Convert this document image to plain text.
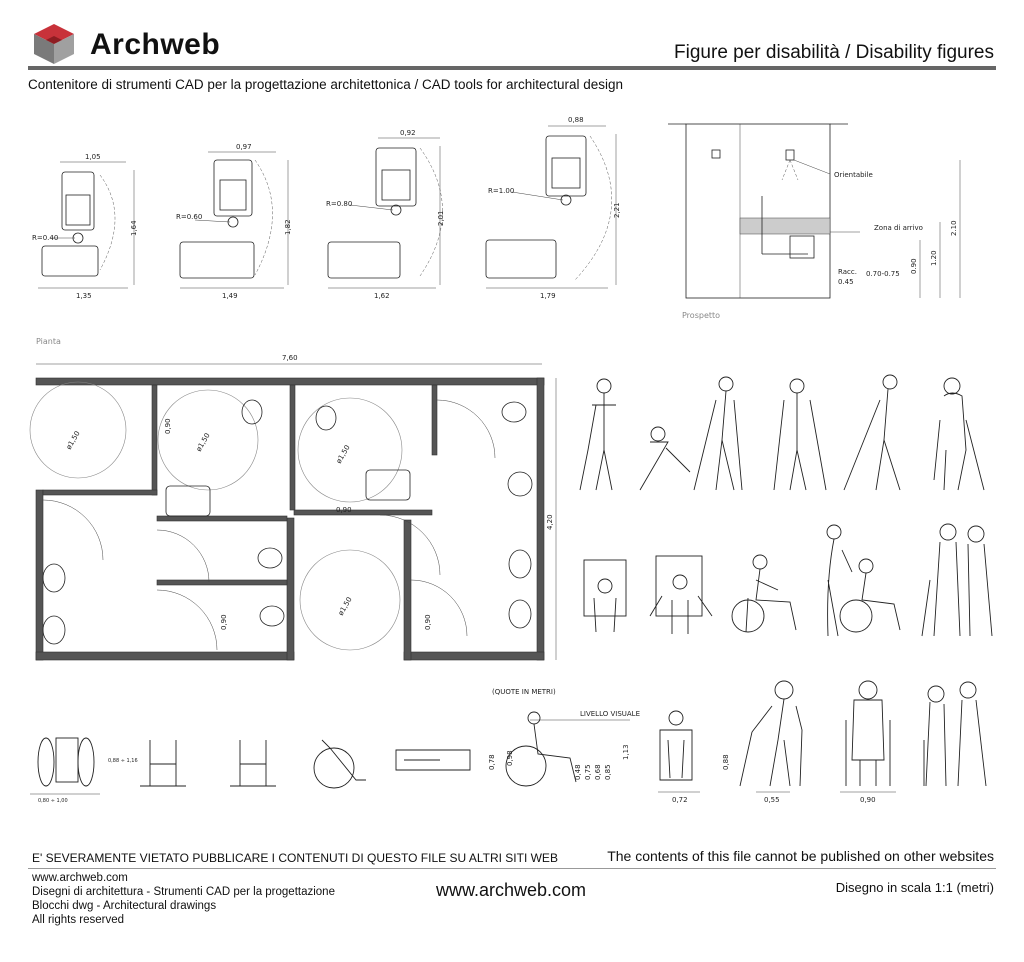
Archweb	Figure per disabilità / Disability figures
Contenitore di strumenti CAD per la progettazione architettonica / CAD tools for architectural design
1,05
R=0.40
1,64
1,35
0,97
R=0.60
1,82
1,49
0,92
R=0.80
2,01
1,62
0,88
R=1.00
2,21
1,79
Orientabile
Zona di arrivo
Racc.
0.45
0.70-0.75 0.90
1.20
2.10
Prospetto
Pianta
7,60
4,20
ø1,50	ø1,50
ø1,50
ø1,50
0,90
0,90
0,90	0,90
(QUOTE IN METRI)
LIVELLO VISUALE
0,80 ÷ 1,00
0,88 ÷ 1,16	0,78
0,48 0,75 0,68 0,85
0,98	1,13
0,72
0,88
0,55	0,90
E' SEVERAMENTE VIETATO PUBBLICARE I CONTENUTI DI QUESTO FILE SU ALTRI SITI WEB	The contents of this file cannot be published on other websites
www.archweb.com
Disegni di architettura - Strumenti CAD per la progettazione
Blocchi dwg - Architectural drawings
All rights reserved
www.archweb.com	Disegno in scala 1:1 (metri)
